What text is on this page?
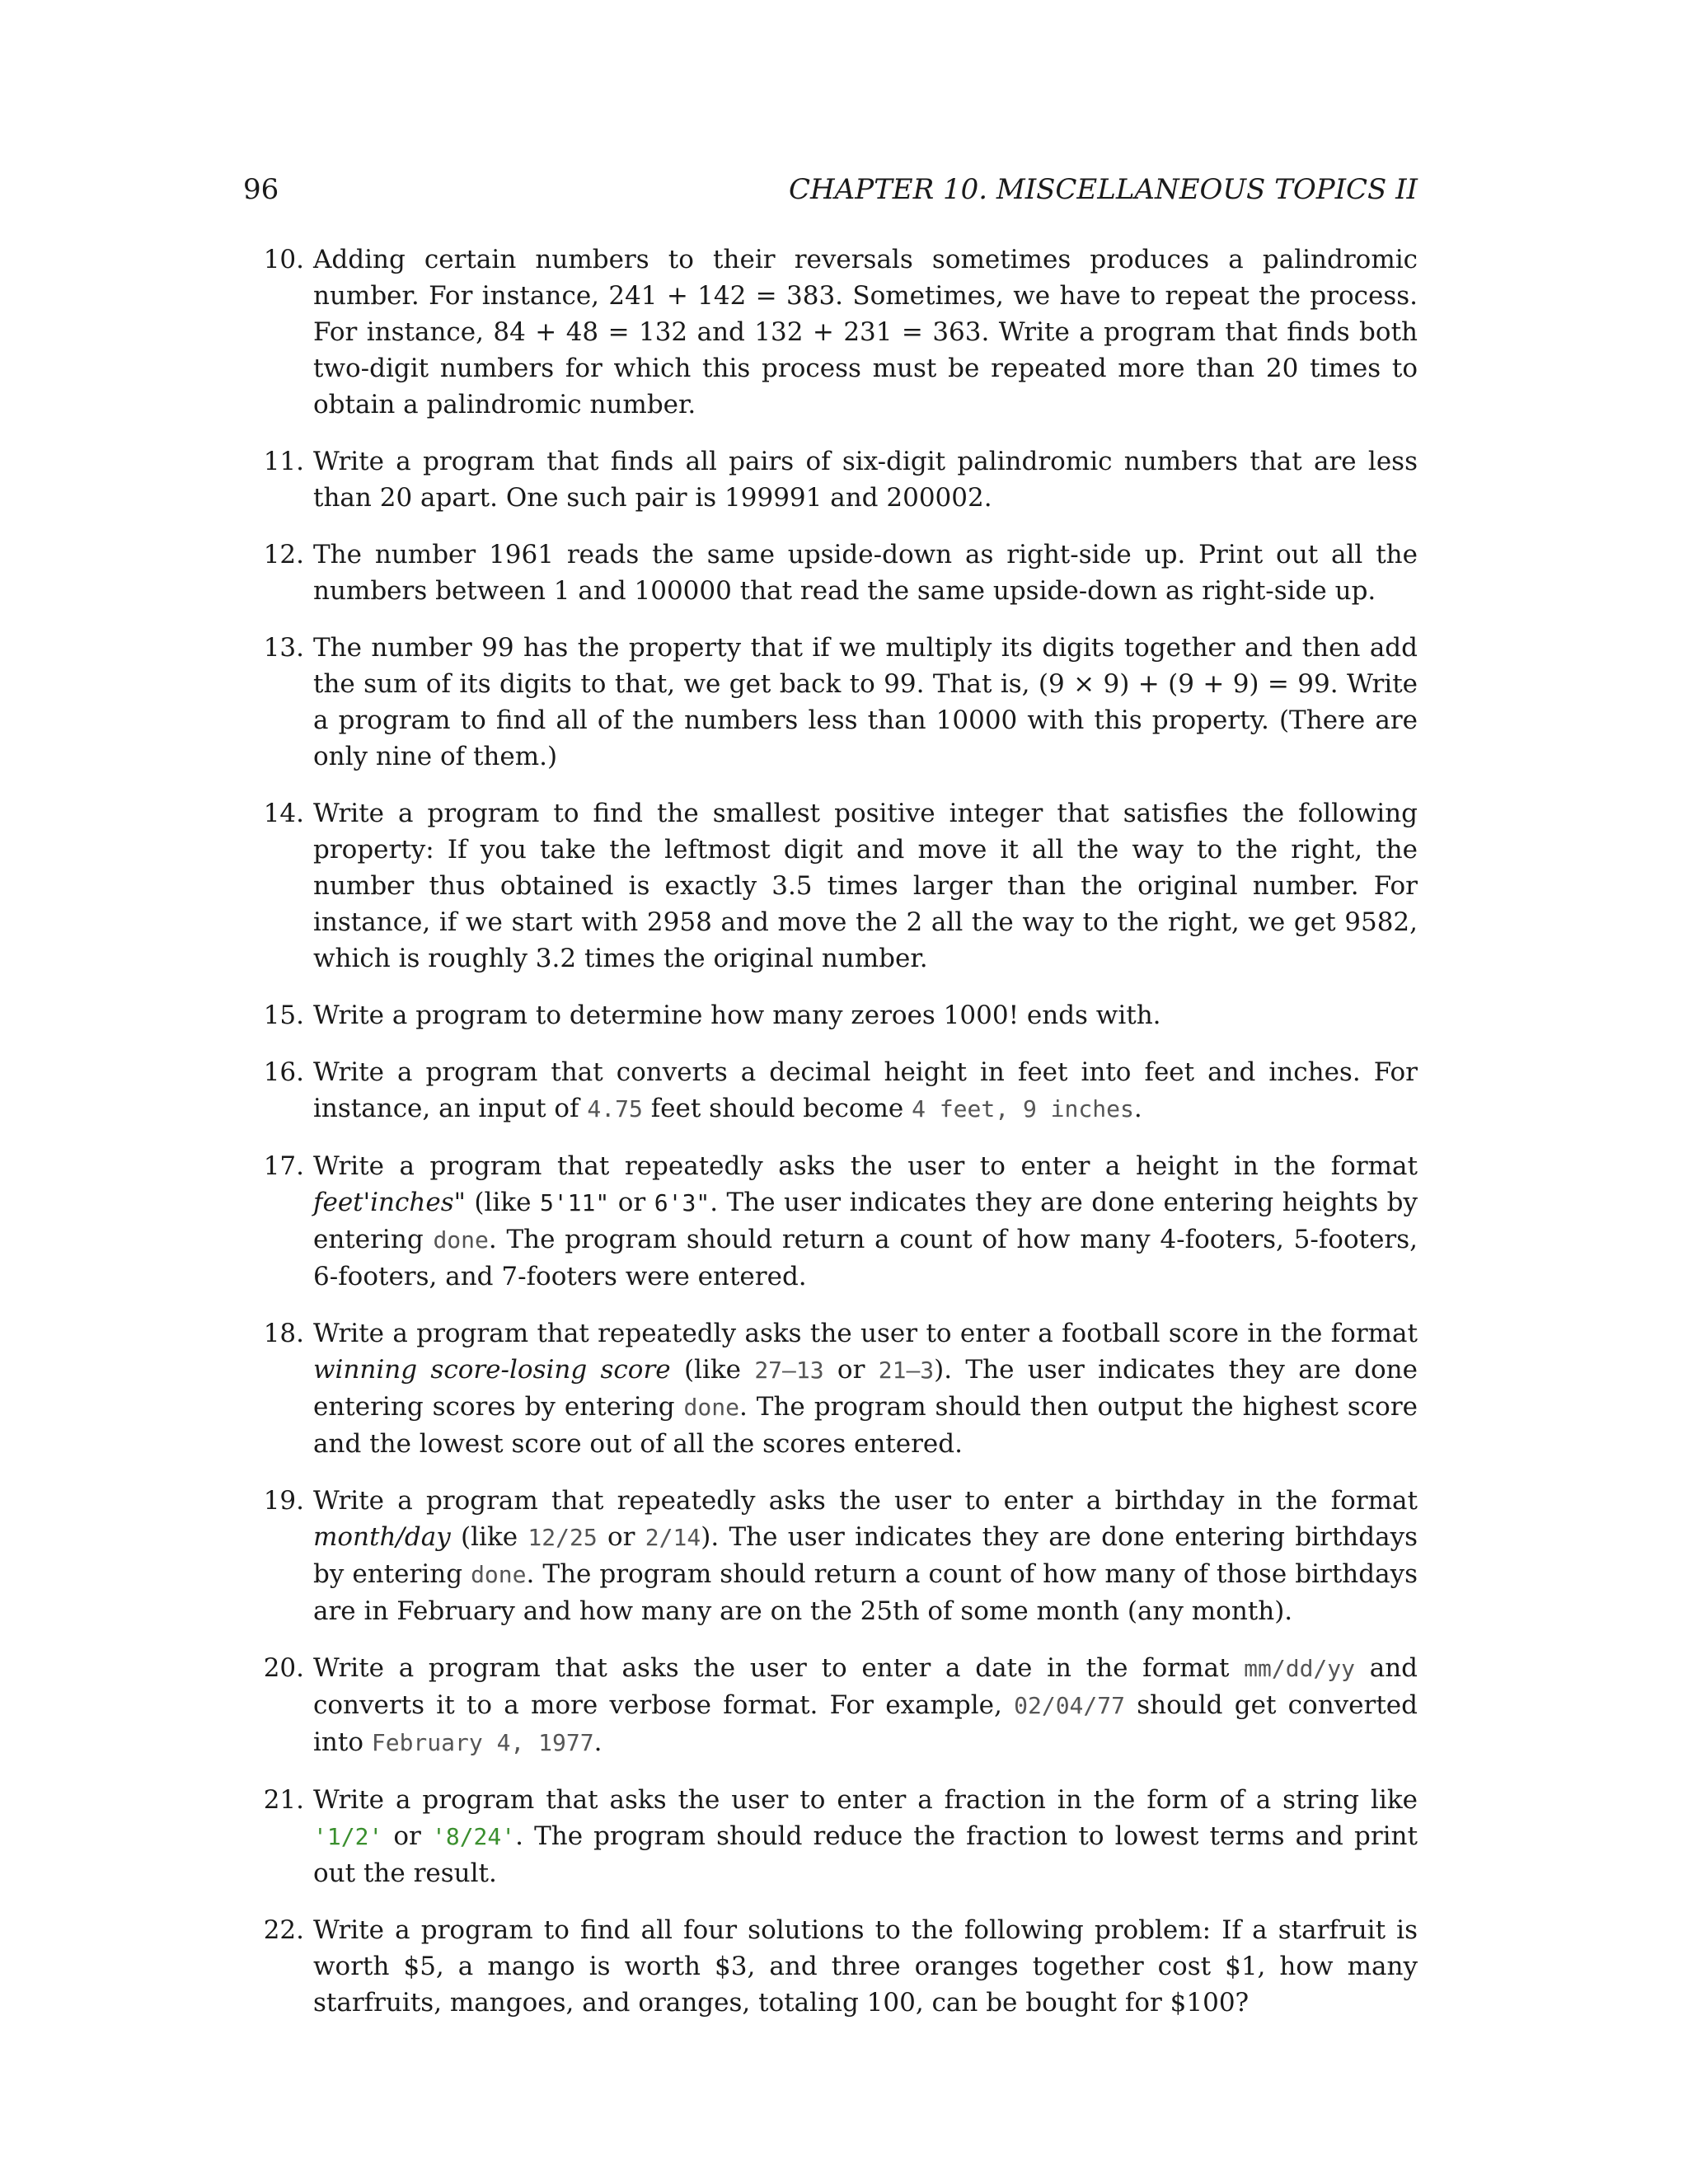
96	CHAPTER 10. MISCELLANEOUS TOPICS II
10. Adding certain numbers to their reversals sometimes produces a palindromic number. For instance, 241 + 142 = 383. Sometimes, we have to repeat the process. For instance, 84 + 48 = 132 and 132 + 231 = 363. Write a program that finds both two-digit numbers for which this process must be repeated more than 20 times to obtain a palindromic number.
11. Write a program that finds all pairs of six-digit palindromic numbers that are less than 20 apart. One such pair is 199991 and 200002.
12. The number 1961 reads the same upside-down as right-side up. Print out all the numbers between 1 and 100000 that read the same upside-down as right-side up.
13. The number 99 has the property that if we multiply its digits together and then add the sum of its digits to that, we get back to 99. That is, (9 × 9) + (9 + 9) = 99. Write a program to find all of the numbers less than 10000 with this property. (There are only nine of them.)
14. Write a program to find the smallest positive integer that satisfies the following property: If you take the leftmost digit and move it all the way to the right, the number thus obtained is exactly 3.5 times larger than the original number. For instance, if we start with 2958 and move the 2 all the way to the right, we get 9582, which is roughly 3.2 times the original number.
15. Write a program to determine how many zeroes 1000! ends with.
16. Write a program that converts a decimal height in feet into feet and inches. For instance, an input of 4.75 feet should become 4 feet, 9 inches.
17. Write a program that repeatedly asks the user to enter a height in the format feet'inches" (like 5'11" or 6'3". The user indicates they are done entering heights by entering done. The program should return a count of how many 4-footers, 5-footers, 6-footers, and 7-footers were entered.
18. Write a program that repeatedly asks the user to enter a football score in the format winning score-losing score (like 27–13 or 21–3). The user indicates they are done entering scores by entering done. The program should then output the highest score and the lowest score out of all the scores entered.
19. Write a program that repeatedly asks the user to enter a birthday in the format month/day (like 12/25 or 2/14). The user indicates they are done entering birthdays by entering done. The program should return a count of how many of those birthdays are in February and how many are on the 25th of some month (any month).
20. Write a program that asks the user to enter a date in the format mm/dd/yy and converts it to a more verbose format. For example, 02/04/77 should get converted into February 4, 1977.
21. Write a program that asks the user to enter a fraction in the form of a string like '1/2' or '8/24'. The program should reduce the fraction to lowest terms and print out the result.
22. Write a program to find all four solutions to the following problem: If a starfruit is worth $5, a mango is worth $3, and three oranges together cost $1, how many starfruits, mangoes, and oranges, totaling 100, can be bought for $100?
